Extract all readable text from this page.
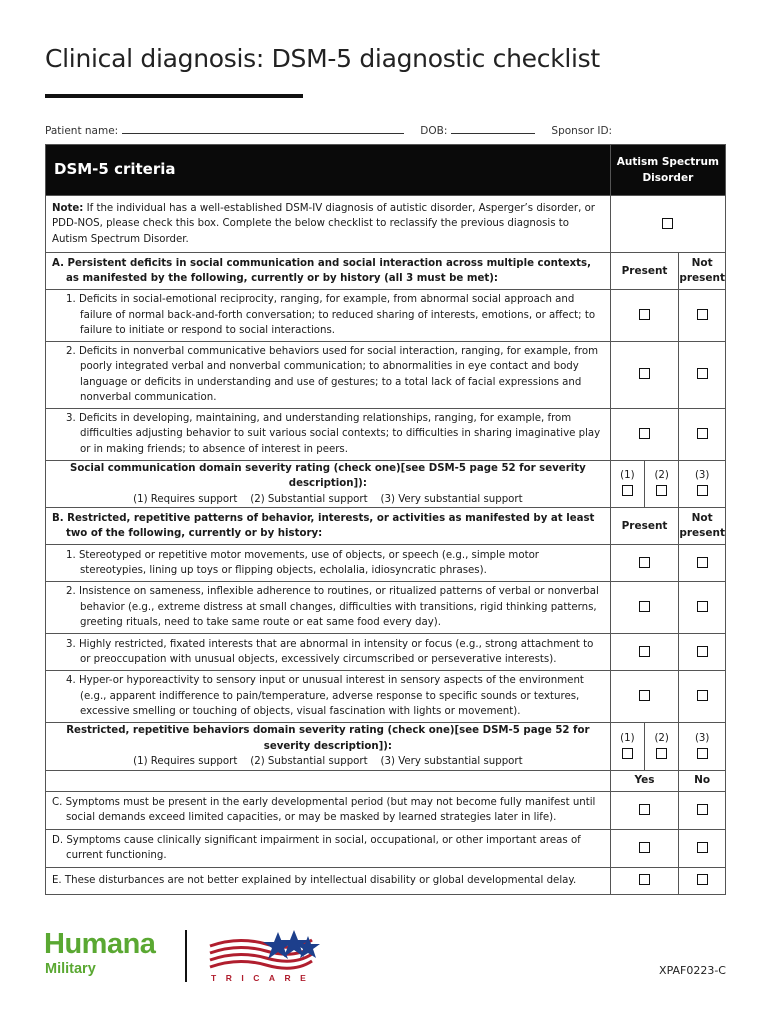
Clinical diagnosis: DSM-5 diagnostic checklist
Patient name:	DOB:	Sponsor ID:
DSM-5 criteria	Autism Spectrum Disorder		
Note: If the individual has a well-established DSM-IV diagnosis of autistic disorder, Asperger’s disorder, or PDD-NOS, please check this box. Complete the below checklist to reclassify the previous diagnosis to Autism Spectrum Disorder.			
A. Persistent deficits in social communication and social interaction across multiple contexts, as manifested by the following, currently or by history (all 3 must be met):	Present		Not present
1. Deficits in social-emotional reciprocity, ranging, for example, from abnormal social approach and failure of normal back-and-forth conversation; to reduced sharing of interests, emotions, or affect; to failure to initiate or respond to social interactions.			
2. Deficits in nonverbal communicative behaviors used for social interaction, ranging, for example, from poorly integrated verbal and nonverbal communication; to abnormalities in eye contact and body language or deficits in understanding and use of gestures; to a total lack of facial expressions and nonverbal communication.			
3. Deficits in developing, maintaining, and understanding relationships, ranging, for example, from difficulties adjusting behavior to suit various social contexts; to difficulties in sharing imaginative play or in making friends; to absence of interest in peers.			

Social communication domain severity rating (check one)[see DSM-5 page 52 for severity description]):
(1) Requires support    (2) Substantial support    (3) Very substantial support	(1)	(2)	(3)

B. Restricted, repetitive patterns of behavior, interests, or activities as manifested by at least two of the following, currently or by history:	Present		Not present
1. Stereotyped or repetitive motor movements, use of objects, or speech (e.g., simple motor stereotypies, lining up toys or flipping objects, echolalia, idiosyncratic phrases).			
2. Insistence on sameness, inflexible adherence to routines, or ritualized patterns of verbal or nonverbal behavior (e.g., extreme distress at small changes, difficulties with transitions, rigid thinking patterns, greeting rituals, need to take same route or eat same food every day).			
3. Highly restricted, fixated interests that are abnormal in intensity or focus (e.g., strong attachment to or preoccupation with unusual objects, excessively circumscribed or perseverative interests).			
4. Hyper-or hyporeactivity to sensory input or unusual interest in sensory aspects of the environment (e.g., apparent indifference to pain/temperature, adverse response to specific sounds or textures, excessive smelling or touching of objects, visual fascination with lights or movement).			

Restricted, repetitive behaviors domain severity rating (check one)[see DSM-5 page 52 for severity description]):
(1) Requires support    (2) Substantial support    (3) Very substantial support	(1)	(2)	(3)

	Yes		No
C. Symptoms must be present in the early developmental period (but may not become fully manifest until social demands exceed limited capacities, or may be masked by learned strategies later in life).			
D. Symptoms cause clinically significant impairment in social, occupational, or other important areas of current functioning.			
E. These disturbances are not better explained by intellectual disability or global developmental delay.			
Humana
Military
TRICARE
XPAF0223-C
